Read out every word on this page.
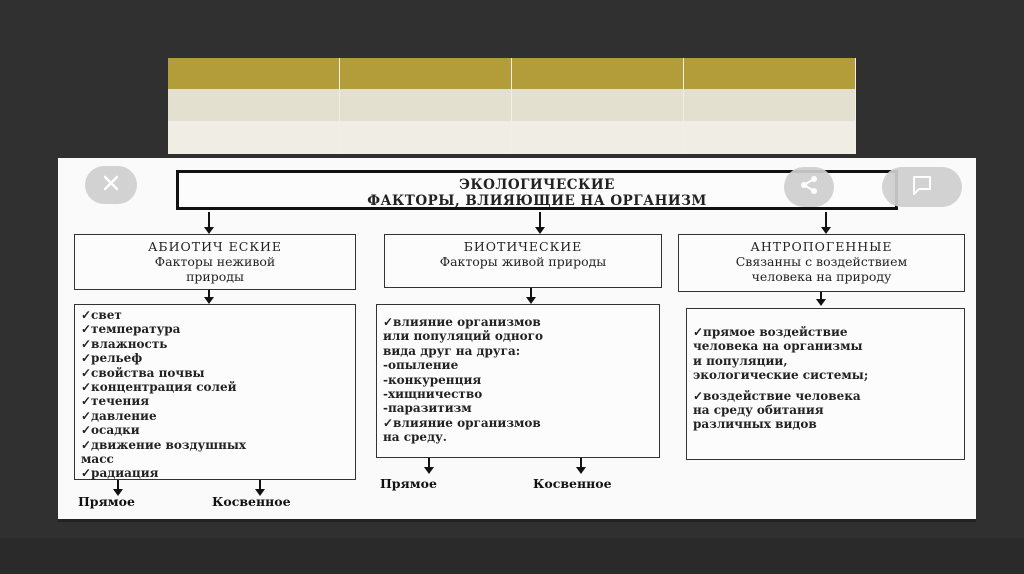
ЭКОЛОГИЧЕСКИЕ
ФАКТОРЫ, ВЛИЯЮЩИЕ НА ОРГАНИЗМ
АБИОТИЧ ЕСКИЕ
Факторы неживой
природы
БИОТИЧЕСКИЕ
Факторы живой природы
АНТРОПОГЕННЫЕ
Связанны с воздействием
человека на природу
✓свет
✓температура
✓влажность
✓рельеф
✓свойства почвы
✓концентрация солей
✓течения
✓давление
✓осадки
✓движение воздушных
масс
✓радиация
✓влияние организмов
или популяций одного
вида друг на друга:
-опыление
-конкуренция
-хищничество
-паразитизм
✓влияние организмов
на среду.
✓прямое воздействие
человека на организмы
и популяции,
экологические системы;
✓воздействие человека
на среду обитания
различных видов
Прямое	Косвенное
Прямое	Косвенное
